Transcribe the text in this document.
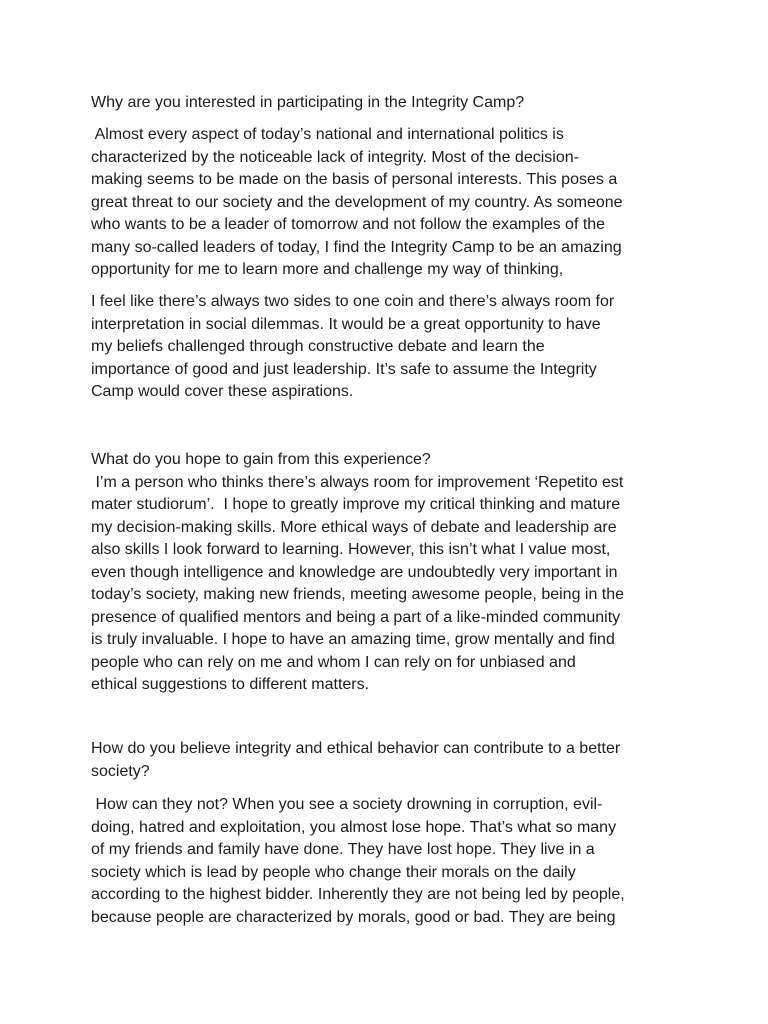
Why are you interested in participating in the Integrity Camp?

Almost every aspect of today’s national and international politics is

characterized by the noticeable lack of integrity. Most of the decision-

making seems to be made on the basis of personal interests. This poses a

great threat to our society and the development of my country. As someone

who wants to be a leader of tomorrow and not follow the examples of the

many so-called leaders of today, I find the Integrity Camp to be an amazing

opportunity for me to learn more and challenge my way of thinking,

I feel like there’s always two sides to one coin and there’s always room for

interpretation in social dilemmas. It would be a great opportunity to have

my beliefs challenged through constructive debate and learn the

importance of good and just leadership. It’s safe to assume the Integrity

Camp would cover these aspirations.

What do you hope to gain from this experience?

I’m a person who thinks there’s always room for improvement ‘Repetito est

mater studiorum’.  I hope to greatly improve my critical thinking and mature

my decision-making skills. More ethical ways of debate and leadership are

also skills I look forward to learning. However, this isn’t what I value most,

even though intelligence and knowledge are undoubtedly very important in

today’s society, making new friends, meeting awesome people, being in the

presence of qualified mentors and being a part of a like-minded community

is truly invaluable. I hope to have an amazing time, grow mentally and find

people who can rely on me and whom I can rely on for unbiased and

ethical suggestions to different matters.

How do you believe integrity and ethical behavior can contribute to a better

society?

How can they not? When you see a society drowning in corruption, evil-

doing, hatred and exploitation, you almost lose hope. That’s what so many

of my friends and family have done. They have lost hope. They live in a

society which is lead by people who change their morals on the daily

according to the highest bidder. Inherently they are not being led by people,

because people are characterized by morals, good or bad. They are being
